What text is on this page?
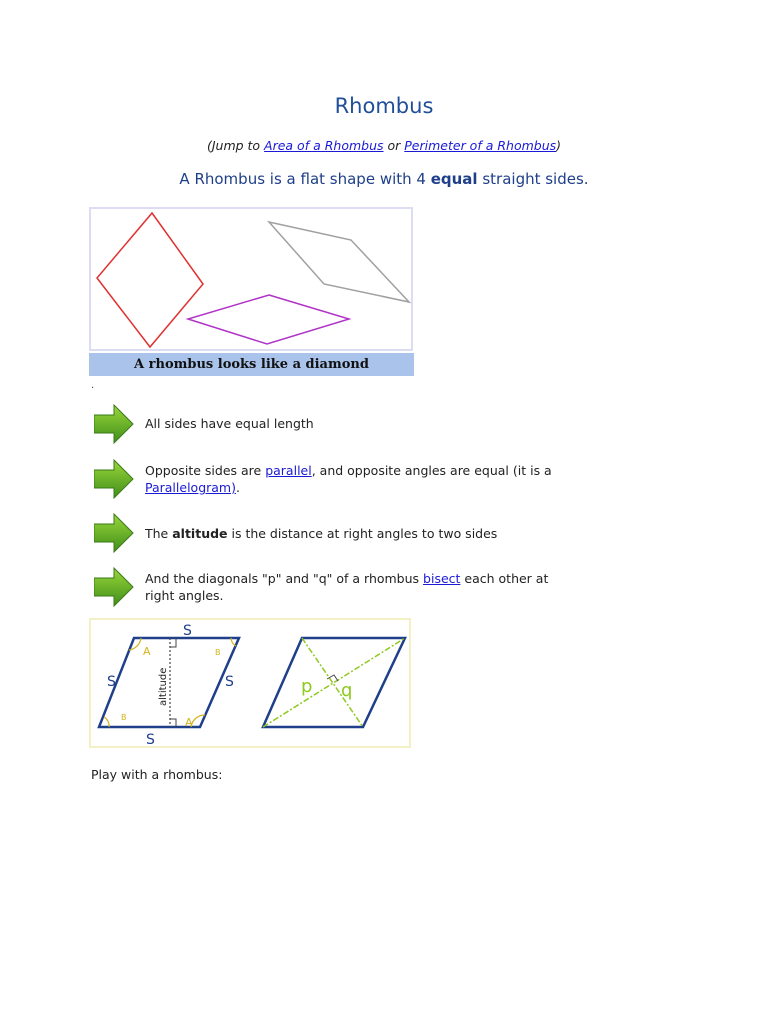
Rhombus
(Jump to Area of a Rhombus or Perimeter of a Rhombus)
A Rhombus is a flat shape with 4 equal straight sides.
A rhombus looks like a diamond
.
All sides have equal length
Opposite sides are parallel, and opposite angles are equal (it is a Parallelogram).
The altitude is the distance at right angles to two sides
And the diagonals "p" and "q" of a rhombus bisect each other at right angles.
A
A
B
B
S
S	S
S
altitude	p q
Play with a rhombus:
